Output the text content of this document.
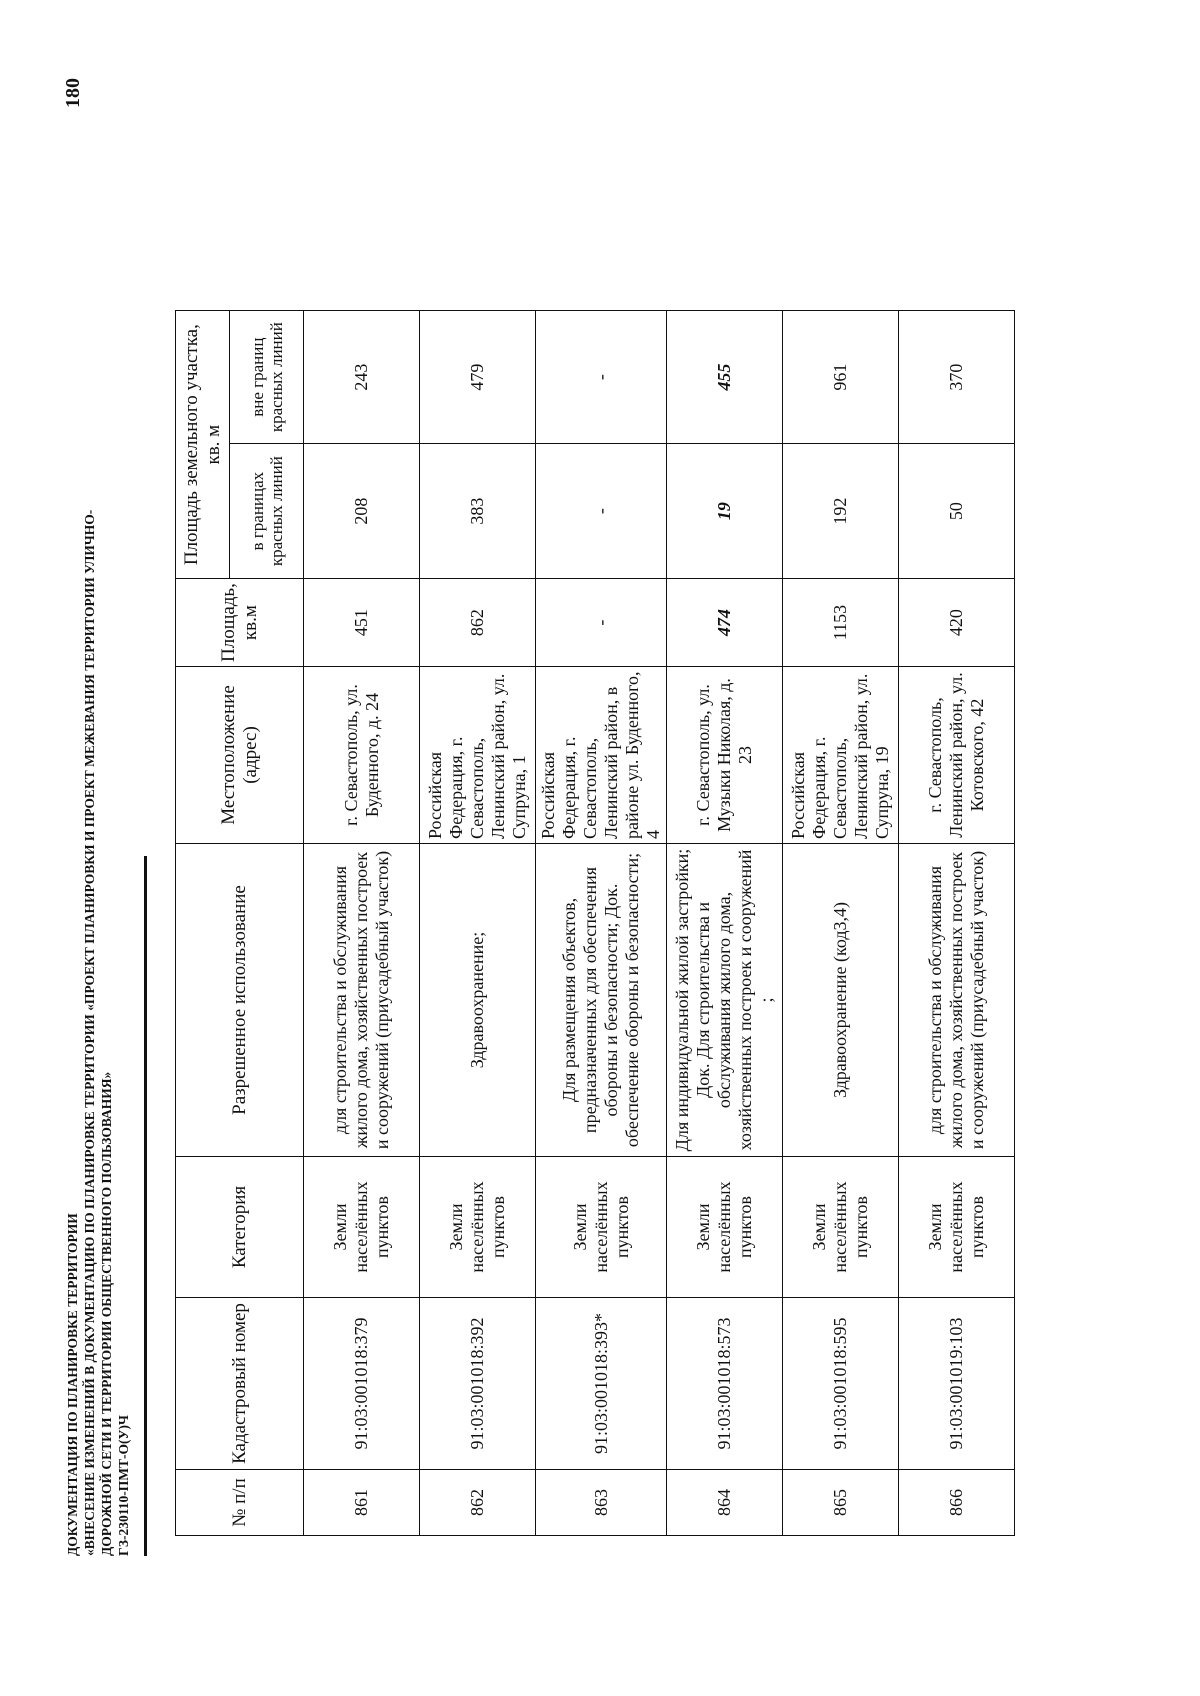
180
ДОКУМЕНТАЦИЯ ПО ПЛАНИРОВКЕ ТЕРРИТОРИИ «ВНЕСЕНИЕ ИЗМЕНЕНИЙ В ДОКУМЕНТАЦИЮ ПО ПЛАНИРОВКЕ ТЕРРИТОРИИ «ПРОЕКТ ПЛАНИРОВКИ И ПРОЕКТ МЕЖЕВАНИЯ ТЕРРИТОРИИ УЛИЧНО- ДОРОЖНОЙ СЕТИ И ТЕРРИТОРИИ ОБЩЕСТВЕННОГО ПОЛЬЗОВАНИЯ» ГЗ-230110-ПМТ-О(У)Ч	№ п/п	Кадастровый номер	Категория	Разрешенное использование	Местоположение (адрес)	Площадь, кв.м	Площадь земельного участка, кв. м	
						в границах красных линий	вне границ красных линий
861	91:03:001018:379	Земли населённых пунктов	для строительства и обслуживания жилого дома, хозяйственных построек и сооружений (приусадебный участок)	г. Севастополь, ул. Буденного, д. 24	451	208	243
862	91:03:001018:392	Земли населённых пунктов	Здравоохранение;	Российская Федерация, г. Севастополь, Ленинский район, ул. Супруна, 1	862	383	479
863	91:03:001018:393*	Земли населённых пунктов	Для размещения объектов, предназначенных для обеспечения обороны и безопасности; Док. обеспечение обороны и безопасности;	Российская Федерация, г. Севастополь, Ленинский район, в районе ул. Буденного, 4	-	-	-
864	91:03:001018:573	Земли населённых пунктов	Для индивидуальной жилой застройки; Док. Для строительства и обслуживания жилого дома, хозяйственных построек и сооружений ;	г. Севастополь, ул. Музыки Николая, д. 23	474	19	455
865	91:03:001018:595	Земли населённых пунктов	Здравоохранение (код3,4)	Российская Федерация, г. Севастополь, Ленинский район, ул. Супруна, 19	1153	192	961
866	91:03:001019:103	Земли населённых пунктов	для строительства и обслуживания жилого дома, хозяйственных построек и сооружений (приусадебный участок)	г. Севастополь, Ленинский район, ул. Котовского, 42	420	50	370
